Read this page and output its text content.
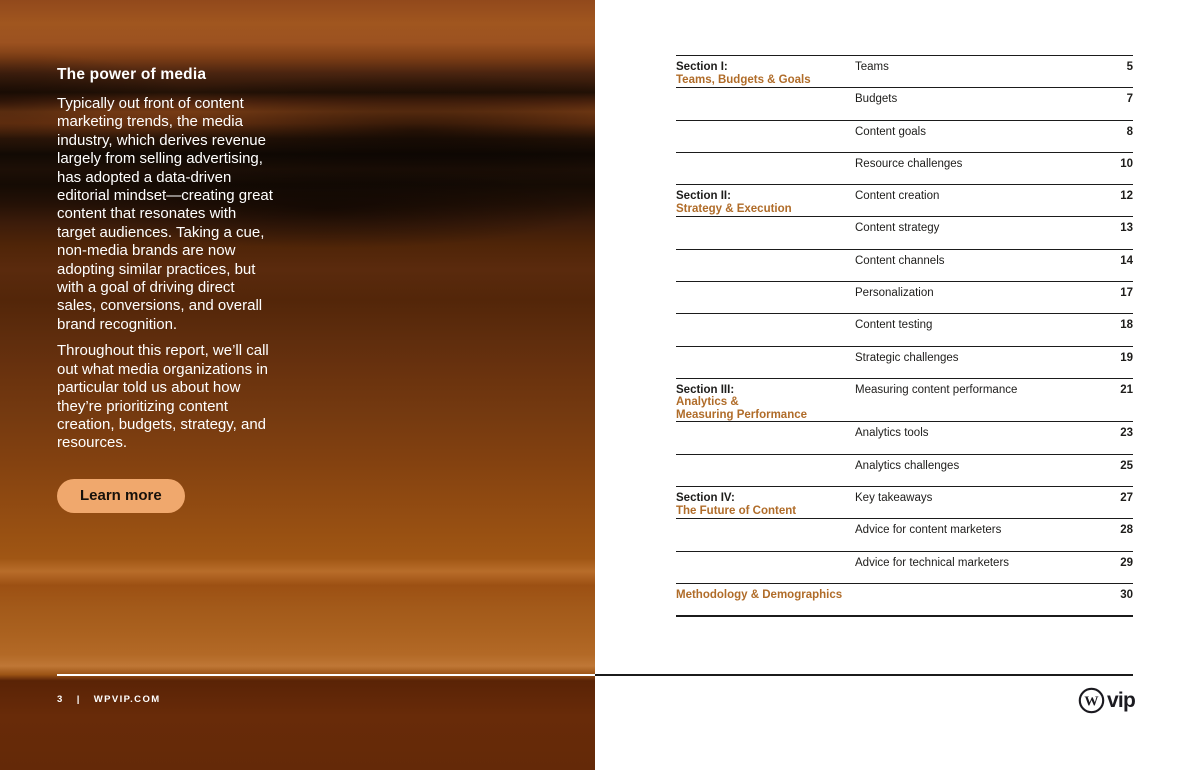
The power of media

Typically out front of content marketing trends, the media industry, which derives revenue largely from selling advertising, has adopted a data-driven editorial mindset—creating great content that resonates with target audiences. Taking a cue, non-media brands are now adopting similar practices, but with a goal of driving direct sales, conversions, and overall brand recognition.

Throughout this report, we’ll call out what media organizations in particular told us about how they’re prioritizing content creation, budgets, strategy, and resources.

Learn more
3 | WPVIP.COM
Section I:
Teams, Budgets & Goals
Teams	5
Budgets	7
Content goals	8
Resource challenges	10
Section II:
Strategy & Execution
Content creation	12
Content strategy	13
Content channels	14
Personalization	17
Content testing	18
Strategic challenges	19
Section III:
Analytics &
Measuring Performance
Measuring content performance	21
Analytics tools	23
Analytics challenges	25
Section IV:
The Future of Content
Key takeaways	27
Advice for content marketers	28
Advice for technical marketers	29
Methodology & Demographics	30
W vip
